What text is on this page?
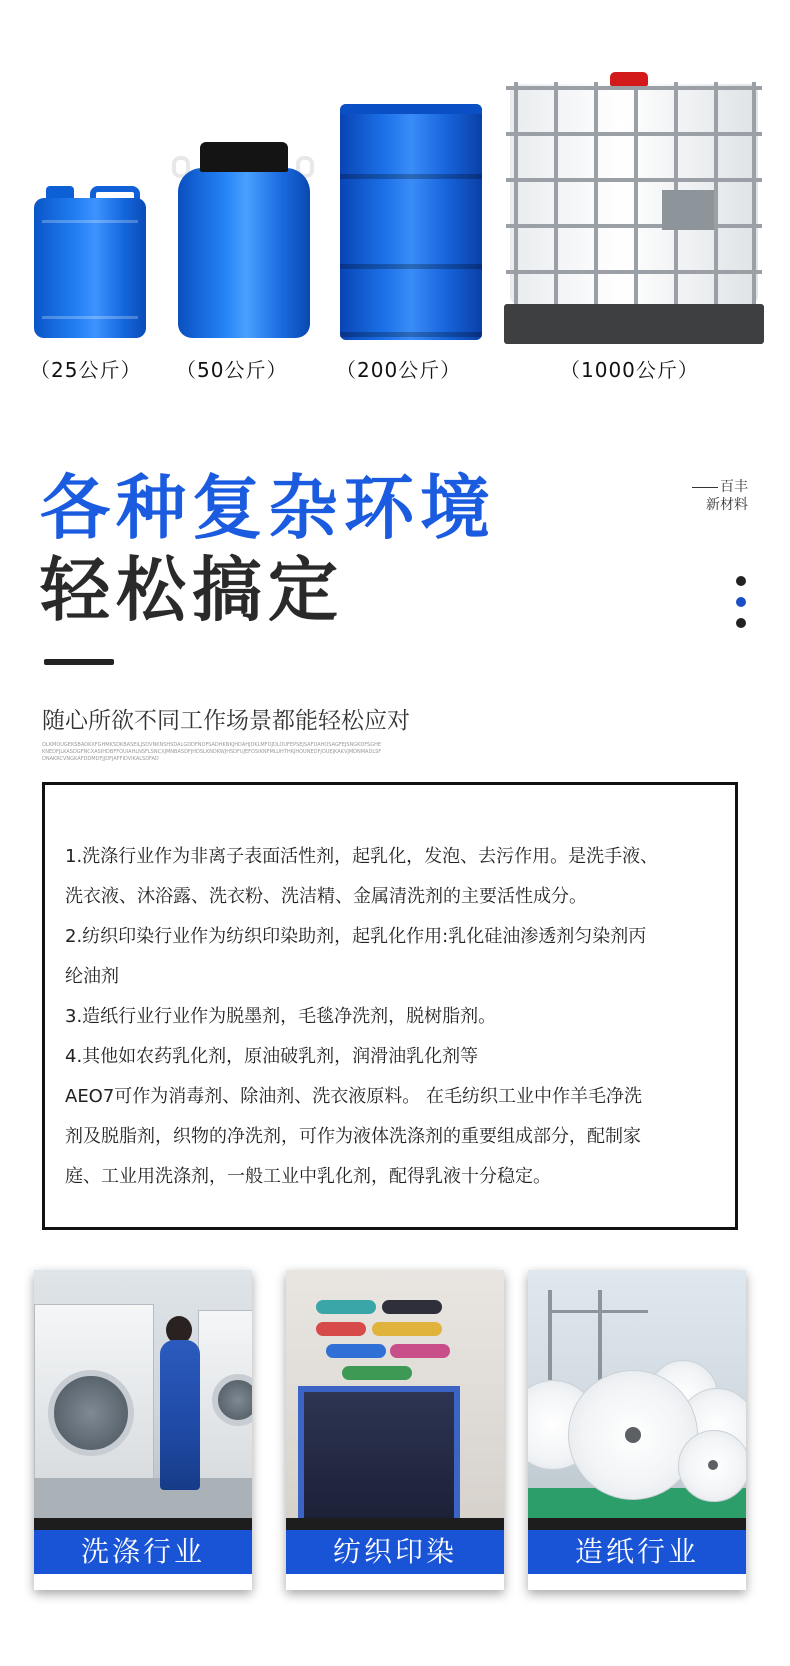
（25公斤） （50公斤） （200公斤）	（1000公斤）
各种复杂环境
轻松搞定
百丰
新材料
随心所欲不同工作场景都能轻松应对
OLKMOUGEKSBAOKXFGHMKSDKBASEILJSDVNKNSHSDALGDDFNOFSADHKNKJHDAHJDKLMFOJDLOUFEPSEJSAFDAHOSAGFEJSNGKDFSGHEKNEDFJLKASDGFNCXASIHDBFFOUIAHLNSFLSNCXJMNBASDFJHDSLKNDKWJHSDFUJEFOSIKNFMLUHTHKJHOUNEDFJOUEJKAKVJMDNMADLSFDNAKRCVNGKAFDDMDFJJDFJAFFIDVIKALSDFAD
1.洗涤行业作为非离子表面活性剂，起乳化，发泡、去污作用。是洗手液、
洗衣液、沐浴露、洗衣粉、洗洁精、金属清洗剂的主要活性成分。
2.纺织印染行业作为纺织印染助剂，起乳化作用:乳化硅油渗透剂匀染剂丙
纶油剂
3.造纸行业行业作为脱墨剂，毛毯净洗剂，脱树脂剂。
4.其他如农药乳化剂，原油破乳剂，润滑油乳化剂等
AEO7可作为消毒剂、除油剂、洗衣液原料。 在毛纺织工业中作羊毛净洗
剂及脱脂剂，织物的净洗剂，可作为液体洗涤剂的重要组成部分，配制家
庭、工业用洗涤剂，一般工业中乳化剂，配得乳液十分稳定。
洗涤行业	纺织印染	造纸行业
